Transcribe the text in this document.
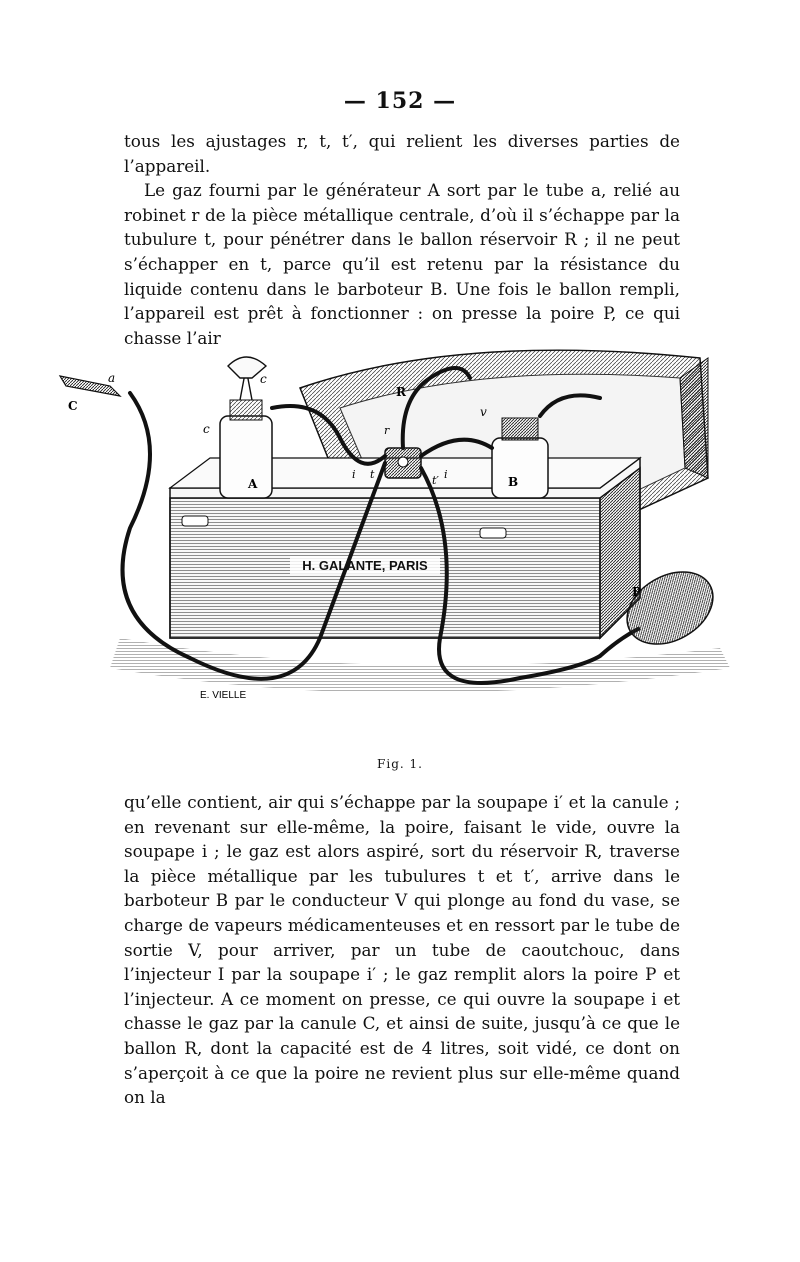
— 152 —

tous les ajustages r, t, t′, qui relient les diverses parties de l’appareil.

Le gaz fourni par le générateur A sort par le tube a, relié au robinet r de la pièce métallique centrale, d’où il s’échappe par la tubulure t, pour pénétrer dans le ballon réservoir R ; il ne peut s’échapper en t, parce qu’il est retenu par la résistance du liquide contenu dans le barboteur B. Une fois le ballon rempli, l’appareil est prêt à fonctionner : on presse la poire P, ce qui chasse l’air

H. GALANTE, PARIS
A	B
C
a
P
c
c
R
v
r
t	t′
i	i
E. VIELLE
Fig. 1.

qu’elle contient, air qui s’échappe par la soupape i′ et la canule ; en revenant sur elle-même, la poire, faisant le vide, ouvre la soupape i ; le gaz est alors aspiré, sort du réservoir R, traverse la pièce métallique par les tubulures t et t′, arrive dans le barboteur B par le conducteur V qui plonge au fond du vase, se charge de vapeurs médicamenteuses et en ressort par le tube de sortie V, pour arriver, par un tube de caoutchouc, dans l’injecteur I par la soupape i′ ; le gaz remplit alors la poire P et l’injecteur. A ce moment on presse, ce qui ouvre la soupape i et chasse le gaz par la canule C, et ainsi de suite, jusqu’à ce que le ballon R, dont la capacité est de 4 litres, soit vidé, ce dont on s’aperçoit à ce que la poire ne revient plus sur elle-même quand on la
